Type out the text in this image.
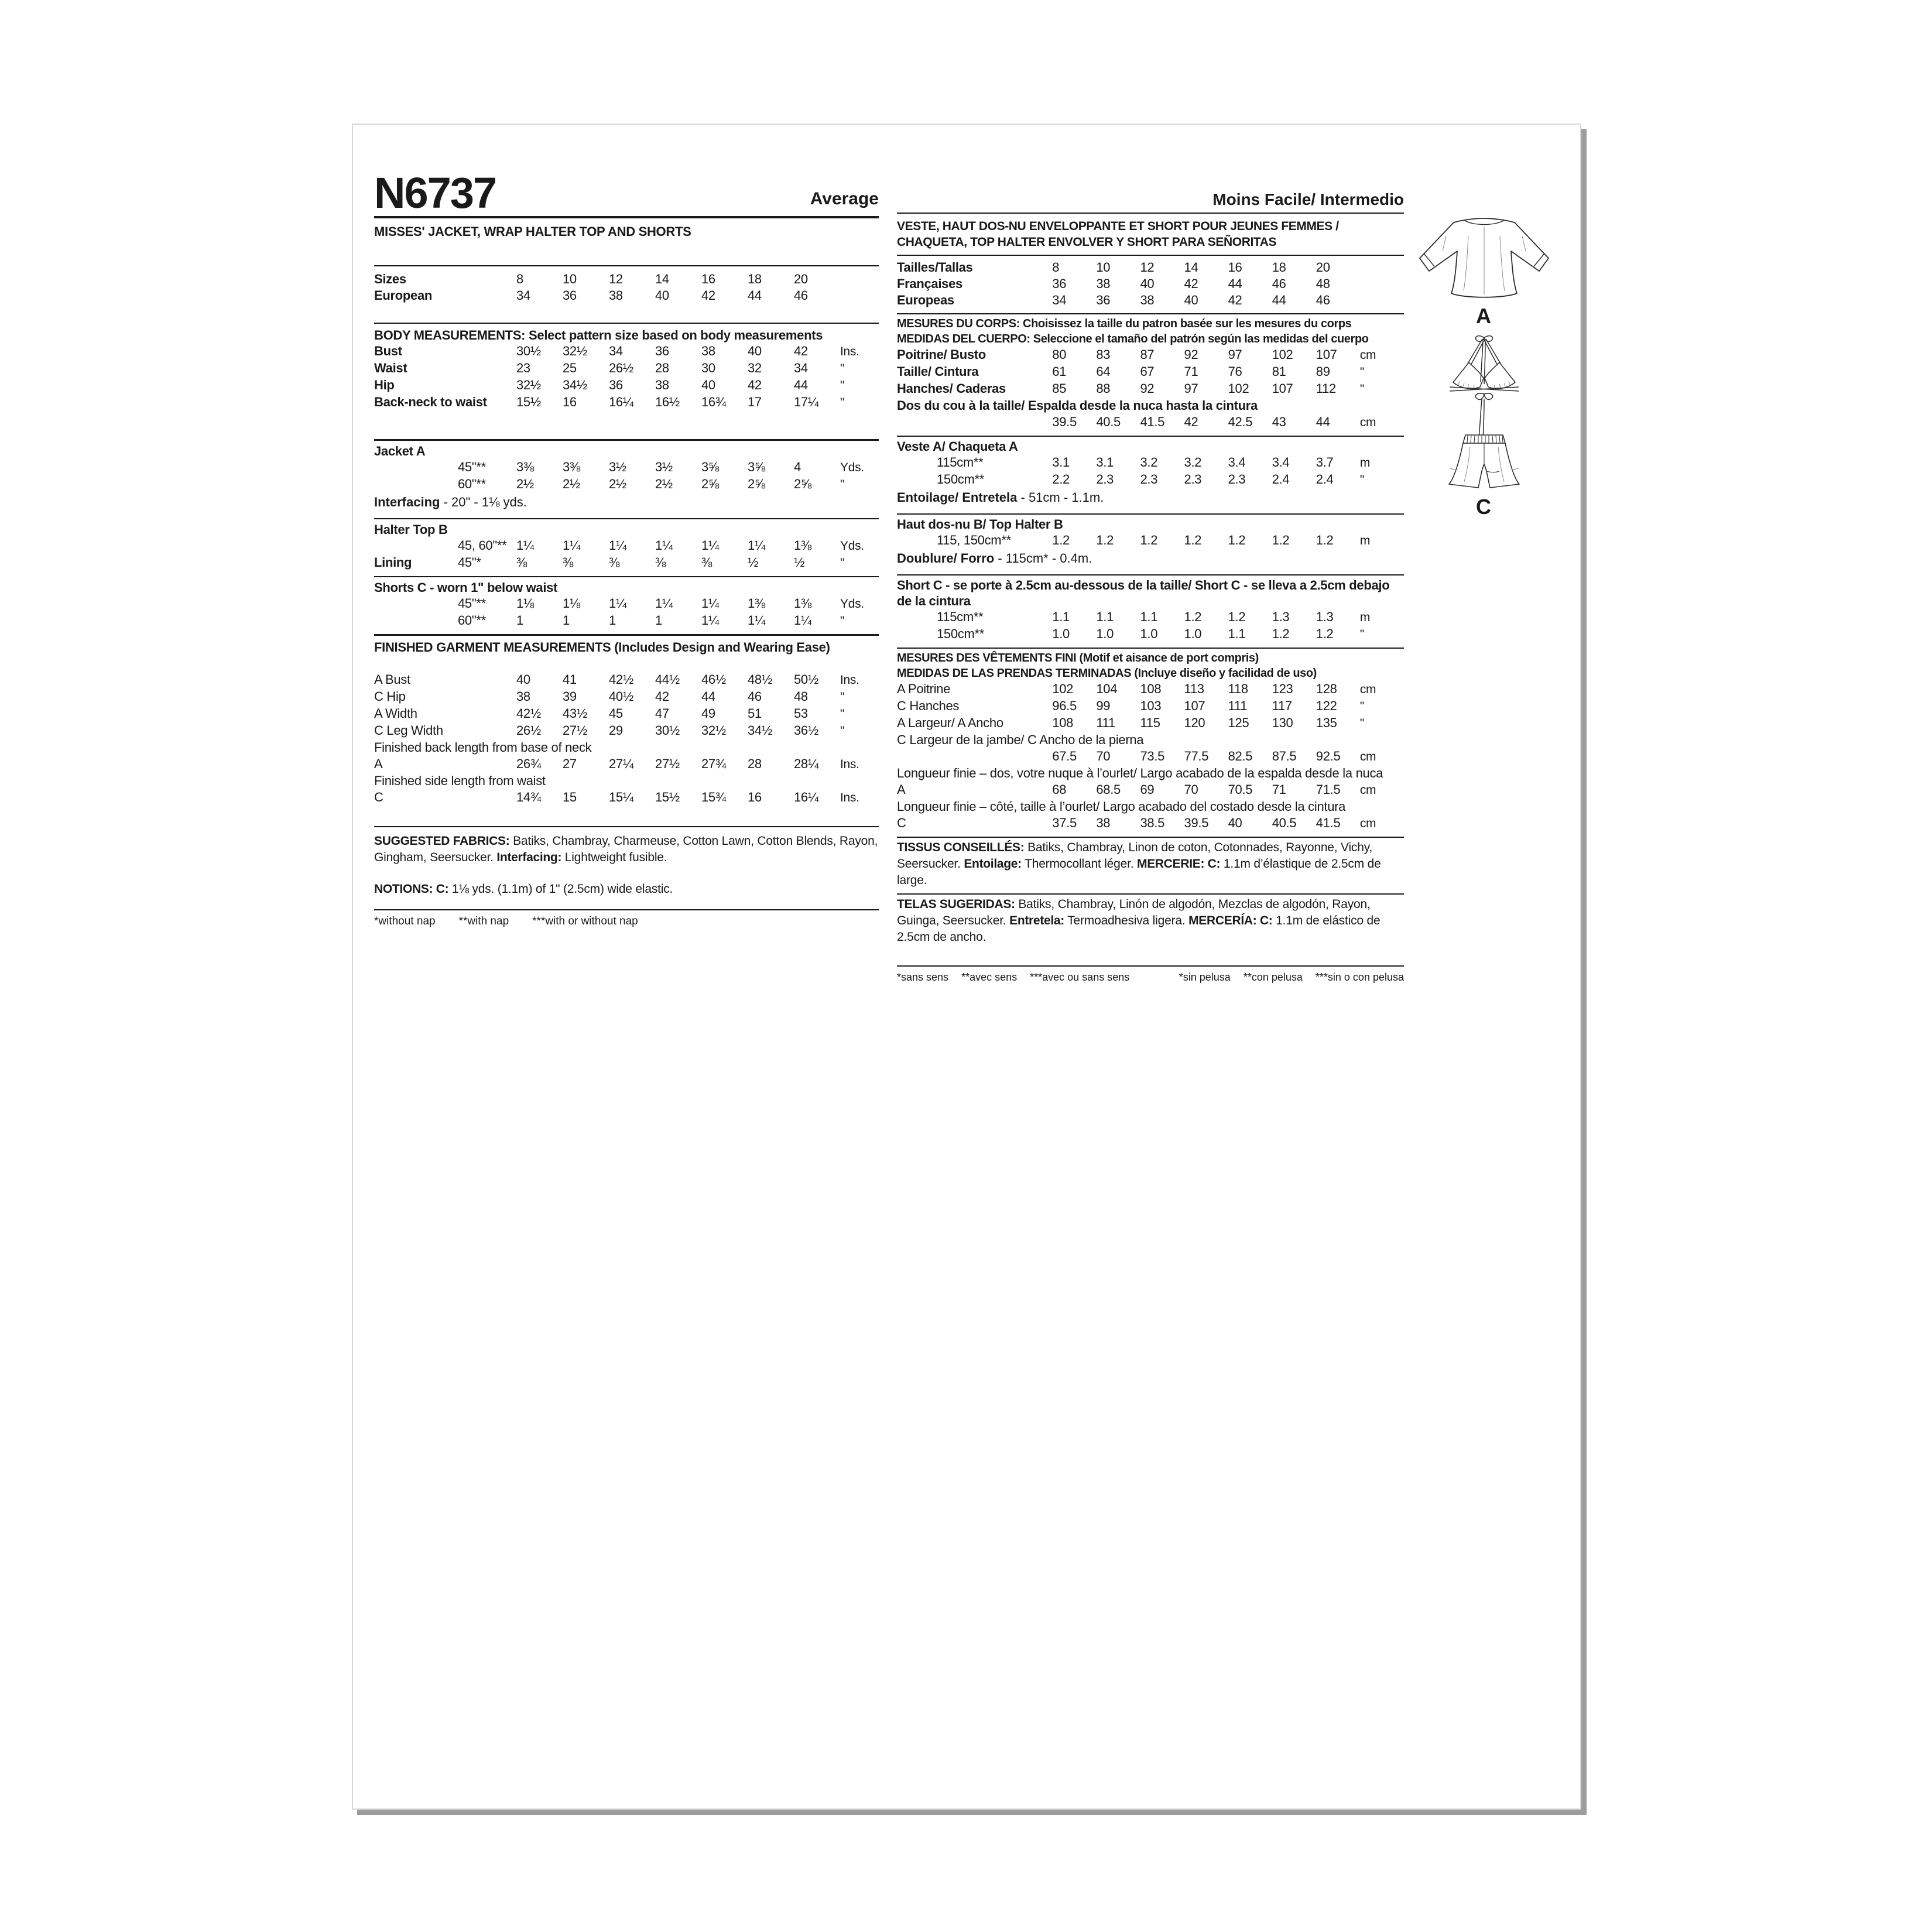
N6737	Average
MISSES' JACKET, WRAP HALTER TOP AND SHORTS
Sizes	8	10	12	14	16	18	20	
European	34	36	38	40	42	44	46	
BODY MEASUREMENTS: Select pattern size based on body measurements
Bust	30½	32½	34	36	38	40	42	Ins.
Waist	23	25	26½	28	30	32	34	"
Hip	32½	34½	36	38	40	42	44	"
Back-neck to waist	15½	16	16¼	16½	16¾	17	17¼	"
Jacket A
45"**	3⅜	3⅜	3½	3½	3⅝	3⅝	4	Yds.
60"**	2½	2½	2½	2½	2⅝	2⅝	2⅝	"
Interfacing - 20" - 1⅛ yds.
Halter Top B
45, 60"**	1¼	1¼	1¼	1¼	1¼	1¼	1⅜	Yds.
Lining 45"*	⅜	⅜	⅜	⅜	⅜	½	½	"
Shorts C - worn 1" below waist
45"**	1⅛	1⅛	1¼	1¼	1¼	1⅜	1⅜	Yds.
60"**	1	1	1	1	1¼	1¼	1¼	"
FINISHED GARMENT MEASUREMENTS (Includes Design and Wearing Ease)
A Bust	40	41	42½	44½	46½	48½	50½	Ins.
C Hip	38	39	40½	42	44	46	48	"
A Width	42½	43½	45	47	49	51	53	"
C Leg Width	26½	27½	29	30½	32½	34½	36½	"
Finished back length from base of neck								
A	26¾	27	27¼	27½	27¾	28	28¼	Ins.
Finished side length from waist								
C	14¾	15	15¼	15½	15¾	16	16¼	Ins.
SUGGESTED FABRICS: Batiks, Chambray, Charmeuse, Cotton Lawn, Cotton Blends, Rayon, Gingham, Seersucker. Interfacing: Lightweight fusible.
NOTIONS: C: 1⅛ yds. (1.1m) of 1" (2.5cm) wide elastic.
*without nap **with nap ***with or without nap
Moins Facile/ Intermedio
VESTE, HAUT DOS-NU ENVELOPPANTE ET SHORT POUR JEUNES FEMMES /
CHAQUETA, TOP HALTER ENVOLVER Y SHORT PARA SEÑORITAS
Tailles/Tallas	8	10	12	14	16	18	20	
Françaises	36	38	40	42	44	46	48	
Europeas	34	36	38	40	42	44	46	
MESURES DU CORPS: Choisissez la taille du patron basée sur les mesures du corps
MEDIDAS DEL CUERPO: Seleccione el tamaño del patrón según las medidas del cuerpo
Poitrine/ Busto	80	83	87	92	97	102	107	cm
Taille/ Cintura	61	64	67	71	76	81	89	"
Hanches/ Caderas	85	88	92	97	102	107	112	"
Dos du cou à la taille/ Espalda desde la nuca hasta la cintura								
	39.5	40.5	41.5	42	42.5	43	44	cm
Veste A/ Chaqueta A
115cm**	3.1	3.1	3.2	3.2	3.4	3.4	3.7	m
150cm**	2.2	2.3	2.3	2.3	2.3	2.4	2.4	"
Entoilage/ Entretela - 51cm - 1.1m.
Haut dos-nu B/ Top Halter B
115, 150cm**	1.2	1.2	1.2	1.2	1.2	1.2	1.2	m
Doublure/ Forro - 115cm* - 0.4m.
Short C - se porte à 2.5cm au-dessous de la taille/ Short C - se lleva a 2.5cm debajo de la cintura
115cm**	1.1	1.1	1.1	1.2	1.2	1.3	1.3	m
150cm**	1.0	1.0	1.0	1.0	1.1	1.2	1.2	"
MESURES DES VÊTEMENTS FINI (Motif et aisance de port compris)
MEDIDAS DE LAS PRENDAS TERMINADAS (Incluye diseño y facilidad de uso)
A Poitrine	102	104	108	113	118	123	128	cm
C Hanches	96.5	99	103	107	111	117	122	"
A Largeur/ A Ancho	108	111	115	120	125	130	135	"
C Largeur de la jambe/ C Ancho de la pierna								
	67.5	70	73.5	77.5	82.5	87.5	92.5	cm
Longueur finie – dos, votre nuque à l’ourlet/ Largo acabado de la espalda desde la nuca								
A	68	68.5	69	70	70.5	71	71.5	cm
Longueur finie – côté, taille à l’ourlet/ Largo acabado del costado desde la cintura								
C	37.5	38	38.5	39.5	40	40.5	41.5	cm
TISSUS CONSEILLÉS: Batiks, Chambray, Linon de coton, Cotonnades, Rayonne, Vichy, Seersucker. Entoilage: Thermocollant léger. MERCERIE: C: 1.1m d’élastique de 2.5cm de large.
TELAS SUGERIDAS: Batiks, Chambray, Linón de algodón, Mezclas de algodón, Rayon, Guinga, Seersucker. Entretela: Termoadhesiva ligera. MERCERÍA: C: 1.1m de elástico de 2.5cm de ancho.
*sans sens **avec sens ***avec ou sans sens	*sin pelusa **con pelusa ***sin o con pelusa
A
C
